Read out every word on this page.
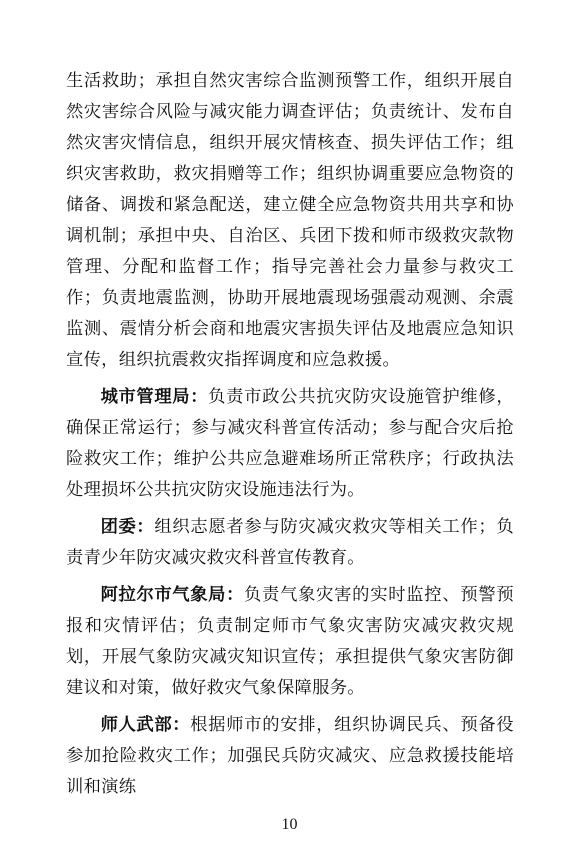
生活救助；承担自然灾害综合监测预警工作，组织开展自然灾害综合风险与减灾能力调查评估；负责统计、发布自然灾害灾情信息，组织开展灾情核查、损失评估工作；组织灾害救助，救灾捐赠等工作；组织协调重要应急物资的储备、调拨和紧急配送，建立健全应急物资共用共享和协调机制；承担中央、自治区、兵团下拨和师市级救灾款物管理、分配和监督工作；指导完善社会力量参与救灾工作；负责地震监测，协助开展地震现场强震动观测、余震监测、震情分析会商和地震灾害损失评估及地震应急知识宣传，组织抗震救灾指挥调度和应急救援。

城市管理局：负责市政公共抗灾防灾设施管护维修，确保正常运行；参与减灾科普宣传活动；参与配合灾后抢险救灾工作；维护公共应急避难场所正常秩序；行政执法处理损坏公共抗灾防灾设施违法行为。

团委：组织志愿者参与防灾减灾救灾等相关工作；负责青少年防灾减灾救灾科普宣传教育。

阿拉尔市气象局：负责气象灾害的实时监控、预警预报和灾情评估；负责制定师市气象灾害防灾减灾救灾规划，开展气象防灾减灾知识宣传；承担提供气象灾害防御建议和对策，做好救灾气象保障服务。

师人武部：根据师市的安排，组织协调民兵、预备役参加抢险救灾工作；加强民兵防灾减灾、应急救援技能培训和演练

10
